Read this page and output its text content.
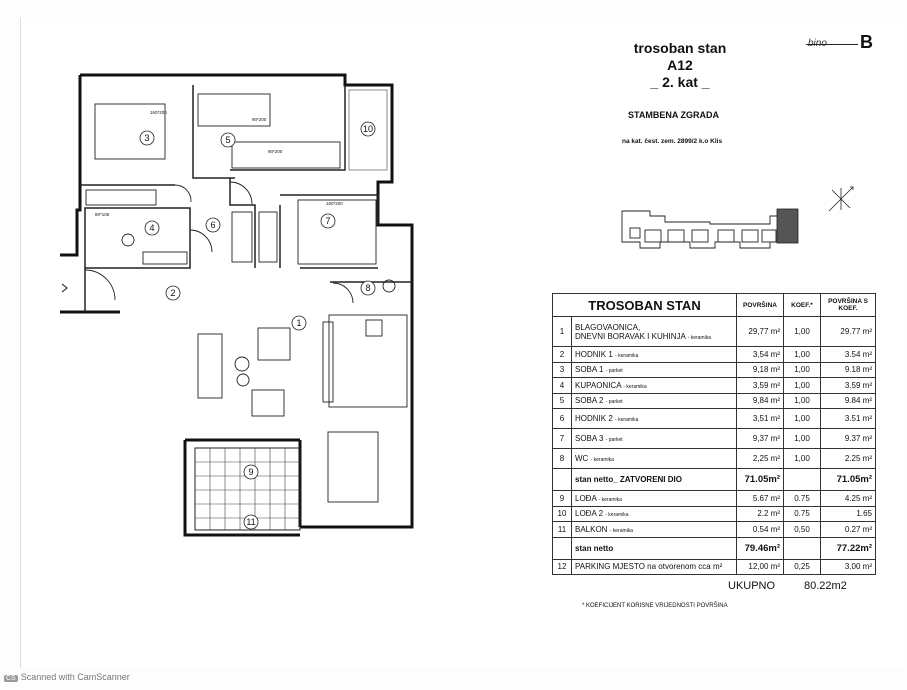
trosoban stan
A12
_ 2. kat _
bino B
STAMBENA ZGRADA
na kat. čest. zem. 2899/2 k.o Klis
1
2
3
4
5
6	7
8
9
10
11
160*200
90*200
90*200
160*200
80*105
TROSOBAN STAN		POVRŠINA	KOEF.*	POVRŠINA S KOEF.
1	BLAGOVAONICA,
DNEVNI BORAVAK I KUHINJA - keramika	29,77 m²	1,00	29.77 m²
2	HODNIK 1 - keramika	3,54 m²	1,00	3.54 m²
3	SOBA 1 - parket	9,18 m²	1,00	9.18 m²
4	KUPAONICA - keramika	3,59 m²	1,00	3.59 m²
5	SOBA 2 - parket	9,84 m²	1,00	9.84 m²
6	HODNIK 2 - keramika	3,51 m²	1,00	3.51 m²
7	SOBA 3 - parket	9,37 m²	1,00	9.37 m²
8	WC - keramika	2,25 m²	1,00	2.25 m²
	stan netto_ ZATVORENI DIO	71.05m²		71.05m²
9	LOĐA - keramika	5.67 m²	0.75	4.25 m²
10	LOĐA 2 - keramika	2.2 m²	0.75	1.65
11	BALKON - keramika	0.54 m²	0,50	0.27 m²
	stan netto	79.46m²		77.22m²
12	PARKING MJESTO na otvorenom cca m²	12,00 m²	0,25	3.00 m²
UKUPNO	80.22m2
* KOEFICIJENT KORISNE VRIJEDNOSTI POVRŠINA
CS Scanned with CamScanner
